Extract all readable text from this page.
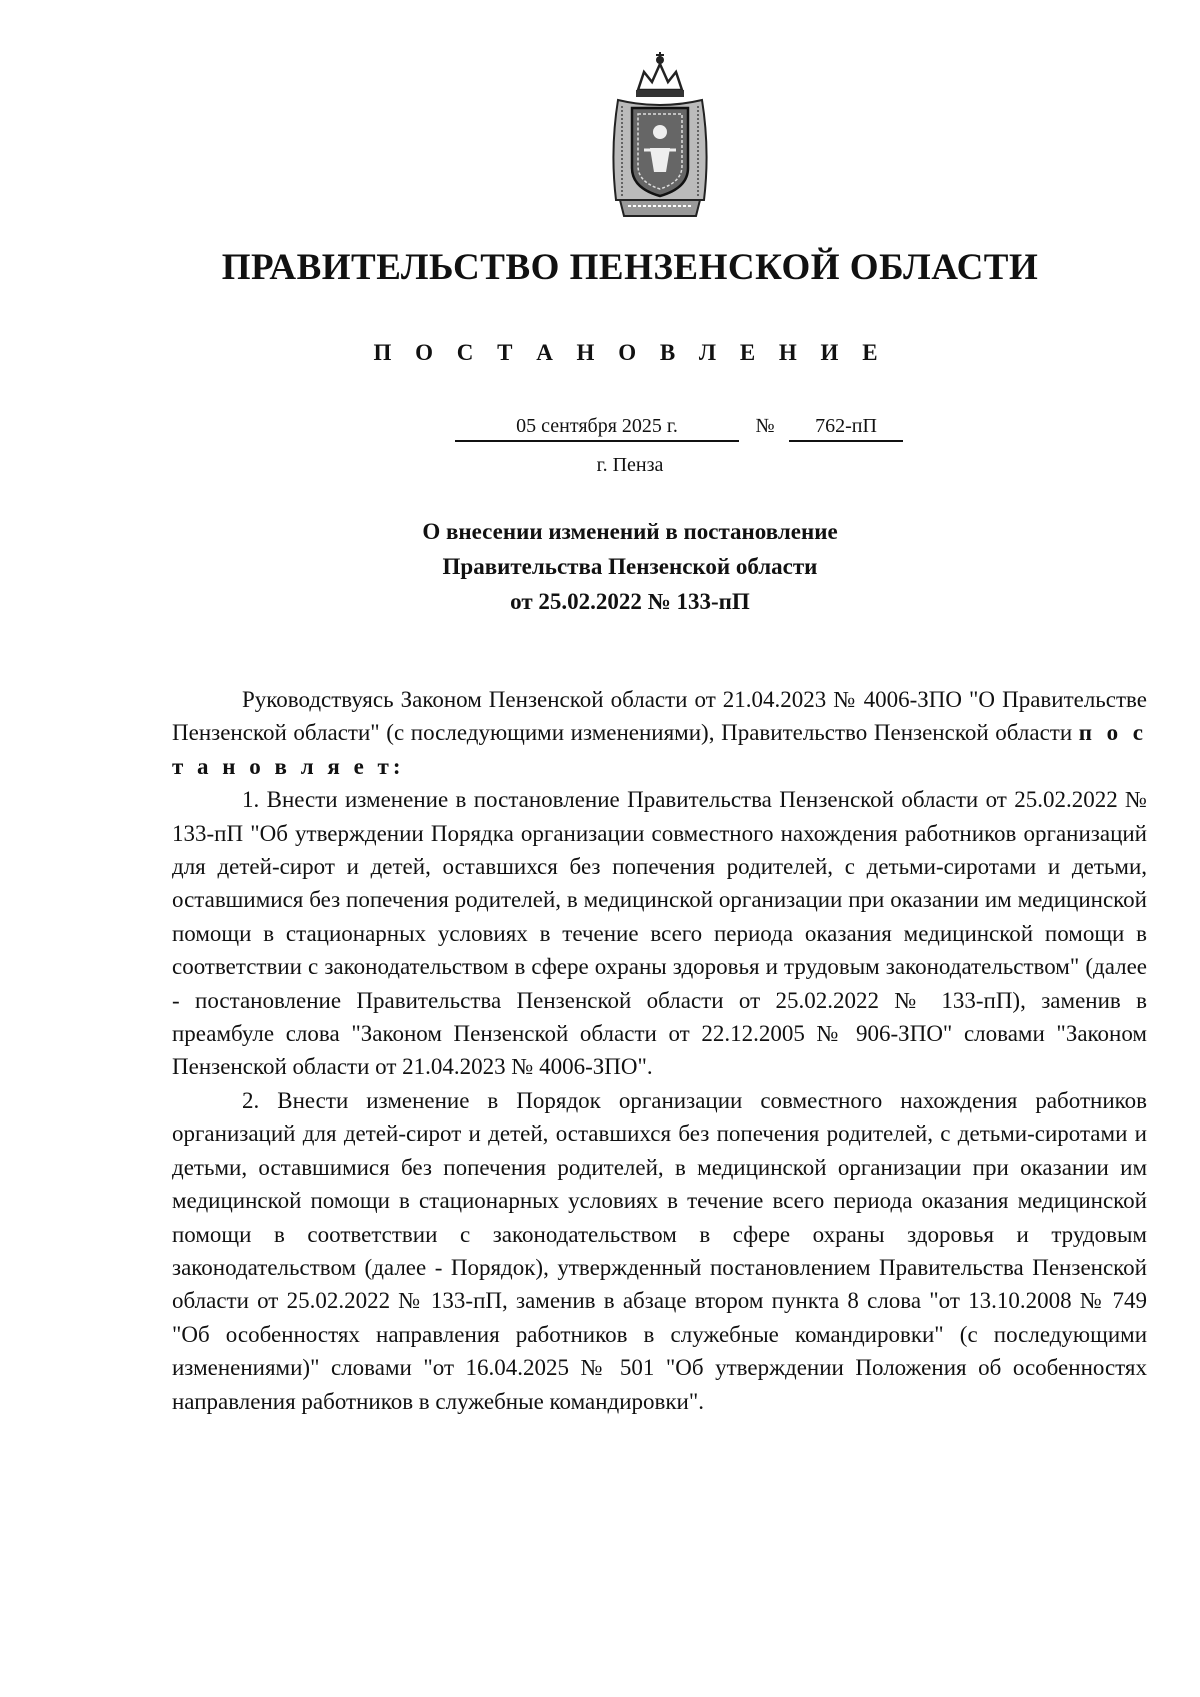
ПРАВИТЕЛЬСТВО ПЕНЗЕНСКОЙ ОБЛАСТИ
П О С Т А Н О В Л Е Н И Е
05 сентября 2025 г.	№	762-пП
г. Пенза
О внесении изменений в постановление
Правительства Пензенской области
от 25.02.2022 № 133-пП

Руководствуясь Законом Пензенской области от 21.04.2023 № 4006-ЗПО "О Правительстве Пензенской области" (с последующими изменениями), Правительство Пензенской области п о с т а н о в л я е т:

1. Внести изменение в постановление Правительства Пензенской области от 25.02.2022 № 133-пП "Об утверждении Порядка организации совместного нахождения работников организаций для детей-сирот и детей, оставшихся без попечения родителей, с детьми-сиротами и детьми, оставшимися без попечения родителей, в медицинской организации при оказании им медицинской помощи в стационарных условиях в течение всего периода оказания медицинской помощи в соответствии с законодательством в сфере охраны здоровья и трудовым законодательством" (далее - постановление Правительства Пензенской области от 25.02.2022 № 133-пП), заменив в преамбуле слова "Законом Пензенской области от 22.12.2005 № 906-ЗПО" словами "Законом Пензенской области от 21.04.2023 № 4006-ЗПО".

2. Внести изменение в Порядок организации совместного нахождения работников организаций для детей-сирот и детей, оставшихся без попечения родителей, с детьми-сиротами и детьми, оставшимися без попечения родителей, в медицинской организации при оказании им медицинской помощи в стационарных условиях в течение всего периода оказания медицинской помощи в соответствии с законодательством в сфере охраны здоровья и трудовым законодательством (далее - Порядок), утвержденный постановлением Правительства Пензенской области от 25.02.2022 № 133-пП, заменив в абзаце втором пункта 8 слова "от 13.10.2008 № 749 "Об особенностях направления работников в служебные командировки" (с последующими изменениями)" словами "от 16.04.2025 № 501 "Об утверждении Положения об особенностях направления работников в служебные командировки".
